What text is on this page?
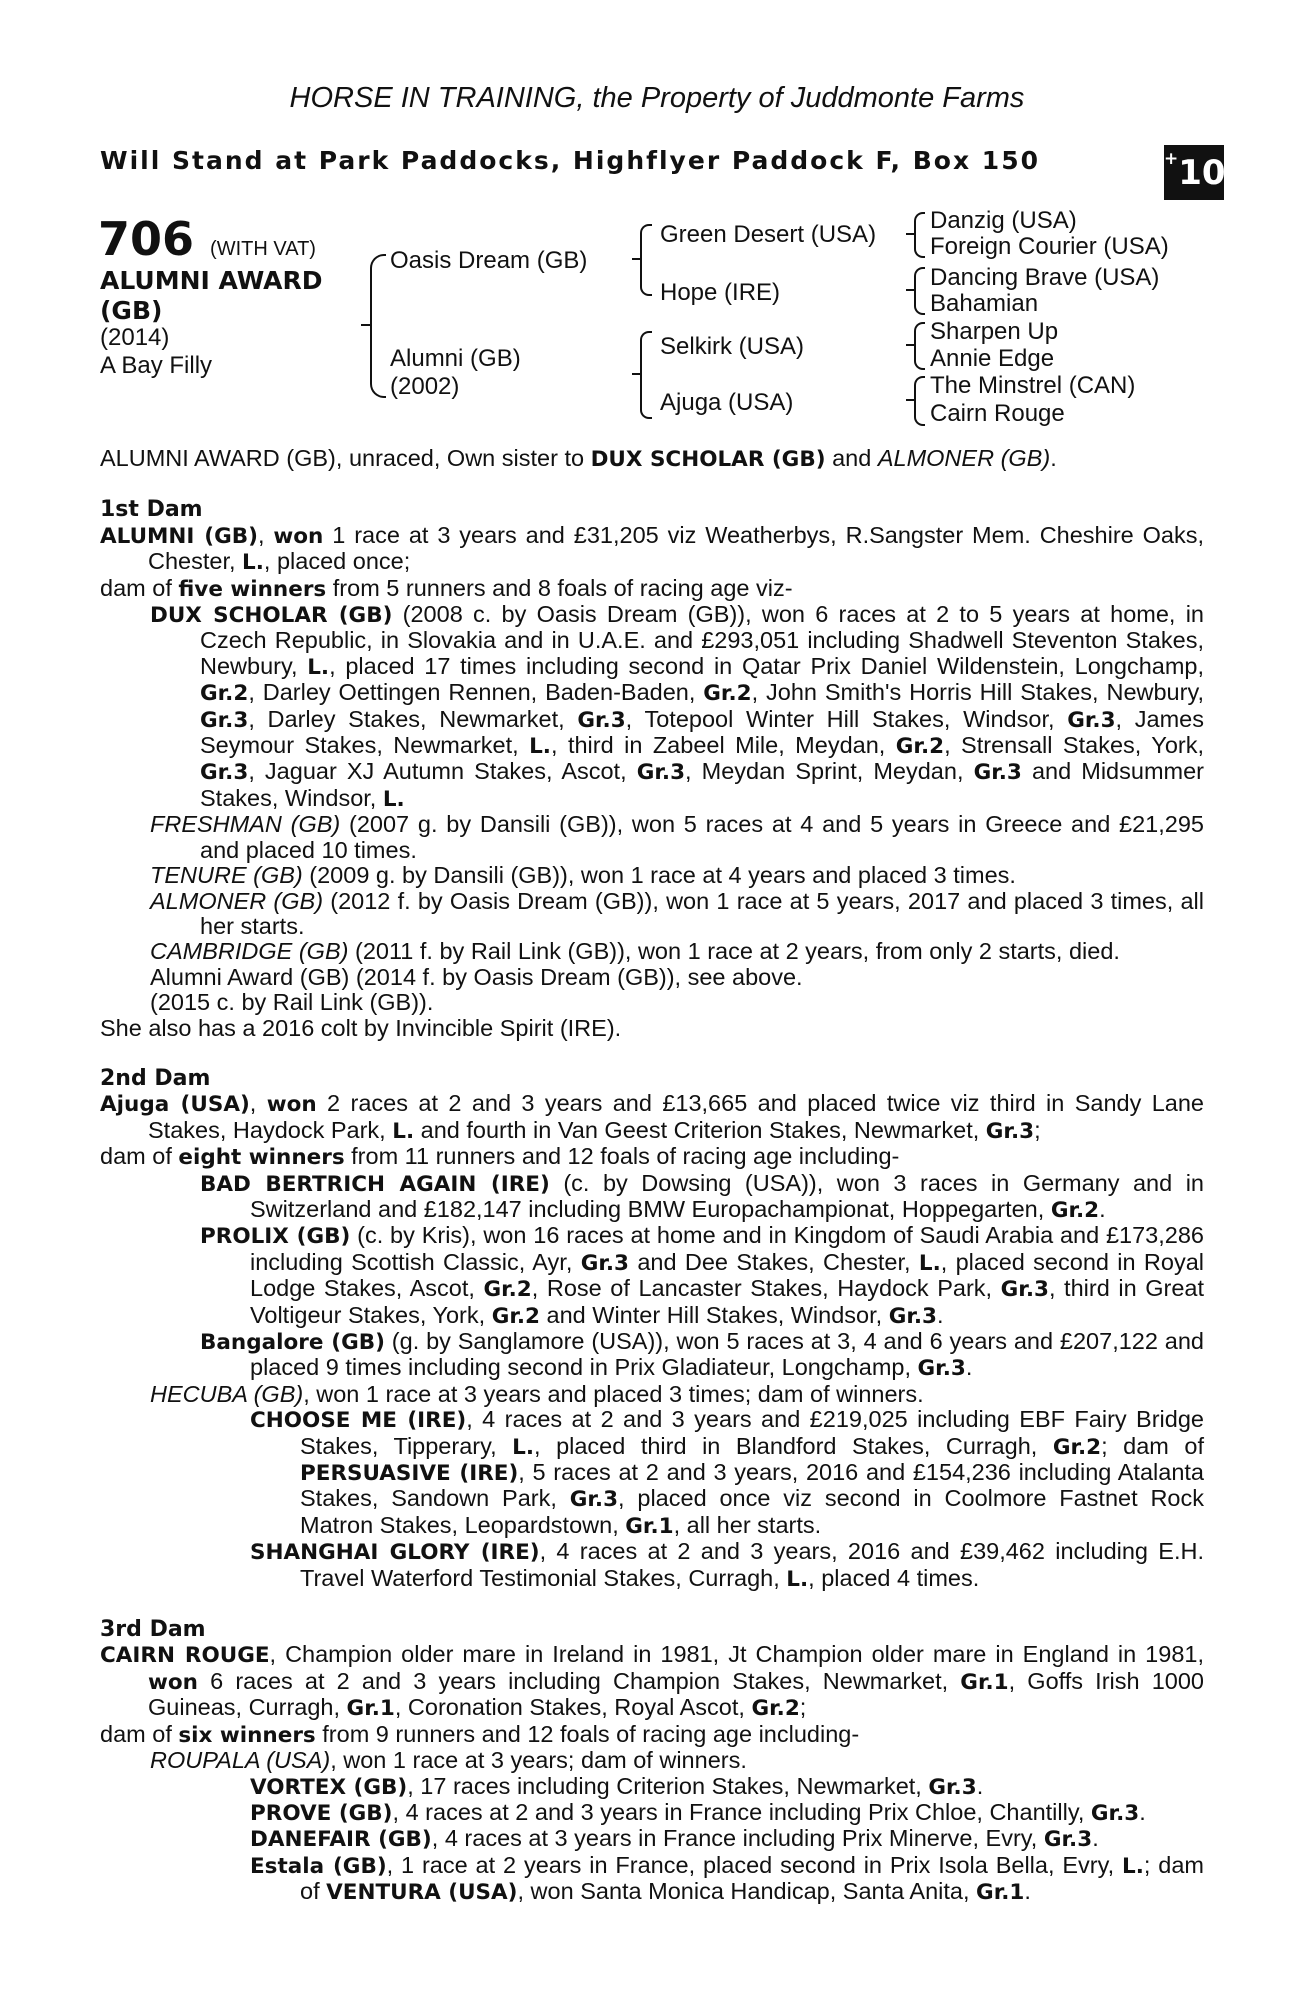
HORSE IN TRAINING, the Property of Juddmonte Farms
Will Stand at Park Paddocks, Highflyer Paddock F, Box 150	+10
706 (WITH VAT)
ALUMNI AWARD
(GB)
(2014)
A Bay Filly
Oasis Dream (GB)
Alumni (GB)
(2002)
Green Desert (USA)
Hope (IRE)
Selkirk (USA)
Ajuga (USA)
Danzig (USA)
Foreign Courier (USA)
Dancing Brave (USA)
Bahamian
Sharpen Up
Annie Edge
The Minstrel (CAN)
Cairn Rouge

ALUMNI AWARD (GB), unraced, Own sister to DUX SCHOLAR (GB) and ALMONER (GB).

1st Dam

ALUMNI (GB), won 1 race at 3 years and £31,205 viz Weatherbys, R.Sangster Mem. Cheshire Oaks, Chester, L., placed once;

dam of five winners from 5 runners and 8 foals of racing age viz-

DUX SCHOLAR (GB) (2008 c. by Oasis Dream (GB)), won 6 races at 2 to 5 years at home, in Czech Republic, in Slovakia and in U.A.E. and £293,051 including Shadwell Steventon Stakes, Newbury, L., placed 17 times including second in Qatar Prix Daniel Wildenstein, Longchamp, Gr.2, Darley Oettingen Rennen, Baden-Baden, Gr.2, John Smith's Horris Hill Stakes, Newbury, Gr.3, Darley Stakes, Newmarket, Gr.3, Totepool Winter Hill Stakes, Windsor, Gr.3, James Seymour Stakes, Newmarket, L., third in Zabeel Mile, Meydan, Gr.2, Strensall Stakes, York, Gr.3, Jaguar XJ Autumn Stakes, Ascot, Gr.3, Meydan Sprint, Meydan, Gr.3 and Midsummer Stakes, Windsor, L.

FRESHMAN (GB) (2007 g. by Dansili (GB)), won 5 races at 4 and 5 years in Greece and £21,295 and placed 10 times.

TENURE (GB) (2009 g. by Dansili (GB)), won 1 race at 4 years and placed 3 times.

ALMONER (GB) (2012 f. by Oasis Dream (GB)), won 1 race at 5 years, 2017 and placed 3 times, all her starts.

CAMBRIDGE (GB) (2011 f. by Rail Link (GB)), won 1 race at 2 years, from only 2 starts, died.

Alumni Award (GB) (2014 f. by Oasis Dream (GB)), see above.

(2015 c. by Rail Link (GB)).

She also has a 2016 colt by Invincible Spirit (IRE).

2nd Dam

Ajuga (USA), won 2 races at 2 and 3 years and £13,665 and placed twice viz third in Sandy Lane Stakes, Haydock Park, L. and fourth in Van Geest Criterion Stakes, Newmarket, Gr.3;

dam of eight winners from 11 runners and 12 foals of racing age including-

BAD BERTRICH AGAIN (IRE) (c. by Dowsing (USA)), won 3 races in Germany and in Switzerland and £182,147 including BMW Europachampionat, Hoppegarten, Gr.2.

PROLIX (GB) (c. by Kris), won 16 races at home and in Kingdom of Saudi Arabia and £173,286 including Scottish Classic, Ayr, Gr.3 and Dee Stakes, Chester, L., placed second in Royal Lodge Stakes, Ascot, Gr.2, Rose of Lancaster Stakes, Haydock Park, Gr.3, third in Great Voltigeur Stakes, York, Gr.2 and Winter Hill Stakes, Windsor, Gr.3.

Bangalore (GB) (g. by Sanglamore (USA)), won 5 races at 3, 4 and 6 years and £207,122 and placed 9 times including second in Prix Gladiateur, Longchamp, Gr.3.

HECUBA (GB), won 1 race at 3 years and placed 3 times; dam of winners.

CHOOSE ME (IRE), 4 races at 2 and 3 years and £219,025 including EBF Fairy Bridge Stakes, Tipperary, L., placed third in Blandford Stakes, Curragh, Gr.2; dam of PERSUASIVE (IRE), 5 races at 2 and 3 years, 2016 and £154,236 including Atalanta Stakes, Sandown Park, Gr.3, placed once viz second in Coolmore Fastnet Rock Matron Stakes, Leopardstown, Gr.1, all her starts.

SHANGHAI GLORY (IRE), 4 races at 2 and 3 years, 2016 and £39,462 including E.H. Travel Waterford Testimonial Stakes, Curragh, L., placed 4 times.

3rd Dam

CAIRN ROUGE, Champion older mare in Ireland in 1981, Jt Champion older mare in England in 1981, won 6 races at 2 and 3 years including Champion Stakes, Newmarket, Gr.1, Goffs Irish 1000 Guineas, Curragh, Gr.1, Coronation Stakes, Royal Ascot, Gr.2;

dam of six winners from 9 runners and 12 foals of racing age including-

ROUPALA (USA), won 1 race at 3 years; dam of winners.

VORTEX (GB), 17 races including Criterion Stakes, Newmarket, Gr.3.

PROVE (GB), 4 races at 2 and 3 years in France including Prix Chloe, Chantilly, Gr.3.

DANEFAIR (GB), 4 races at 3 years in France including Prix Minerve, Evry, Gr.3.

Estala (GB), 1 race at 2 years in France, placed second in Prix Isola Bella, Evry, L.; dam of VENTURA (USA), won Santa Monica Handicap, Santa Anita, Gr.1.
